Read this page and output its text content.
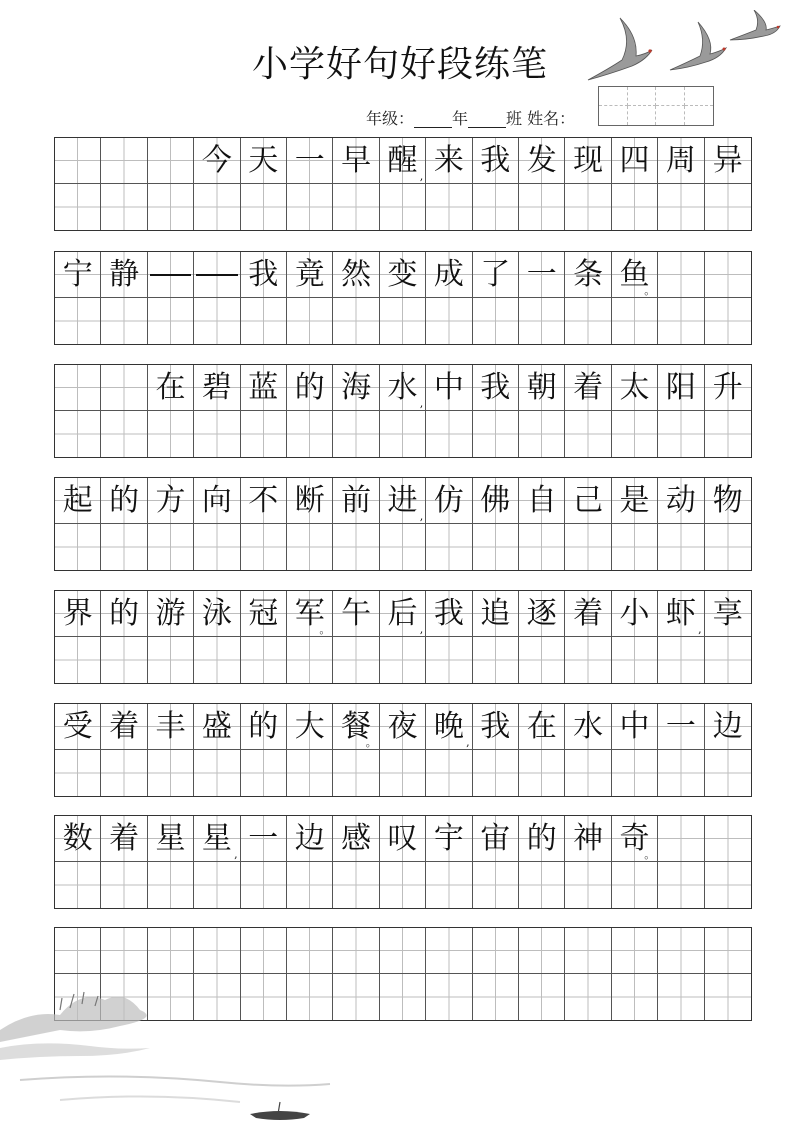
小学好句好段练笔
年级： 年 班 姓名：
今 天 一 早 醒 , 来 我 发 现 四 周 异
宁 静	我 竟 然 变 成 了 一 条 鱼
。
在 碧 蓝 的 海 水 , 中 我 朝 着 太 阳 升
起 的 方 向 不 断 前 进 , 仿 佛 自 己 是 动 物
界 的 游 泳 冠 军
。 午 后 , 我 追 逐 着 小 虾 , 享
受 着 丰 盛 的 大 餐
。 夜 晚 , 我 在 水 中 一 边
数 着 星 星 , 一 边 感 叹 宇 宙 的 神 奇
。
